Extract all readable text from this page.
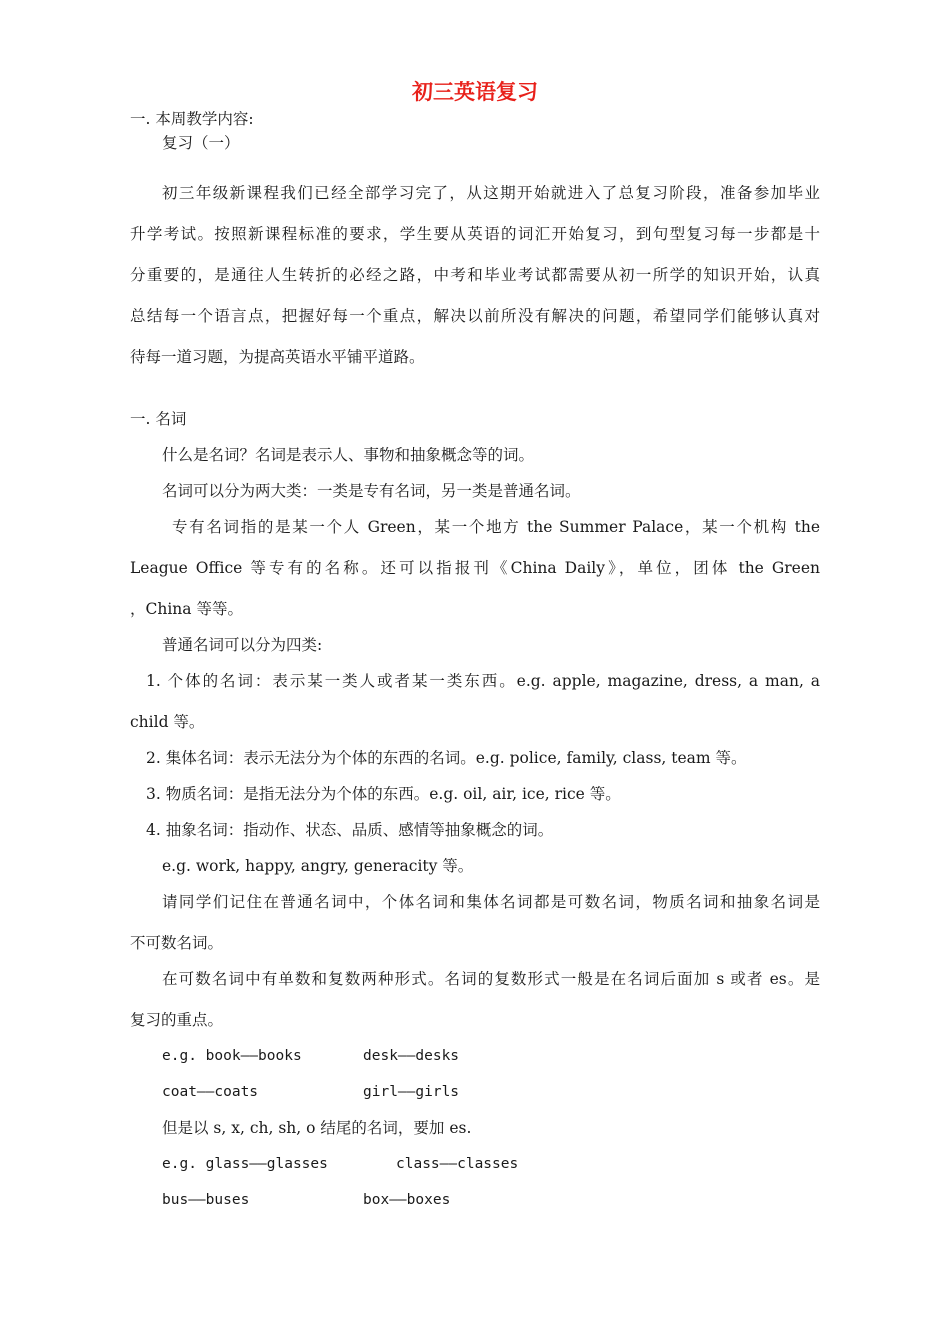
初三英语复习

一. 本周教学内容:

复习（一）

初三年级新课程我们已经全部学习完了，从这期开始就进入了总复习阶段，准备参加毕业

升学考试。按照新课程标准的要求，学生要从英语的词汇开始复习，到句型复习每一步都是十

分重要的，是通往人生转折的必经之路，中考和毕业考试都需要从初一所学的知识开始，认真

总结每一个语言点，把握好每一个重点，解决以前所没有解决的问题，希望同学们能够认真对

待每一道习题，为提高英语水平铺平道路。

一. 名词

什么是名词？名词是表示人、事物和抽象概念等的词。

名词可以分为两大类：一类是专有名词，另一类是普通名词。

专有名词指的是某一个人 Green，某一个地方 the Summer Palace，某一个机构 the

League Office 等专有的名称。还可以指报刊《China Daily》，单位，团体 the Green

，China 等等。

普通名词可以分为四类:

1. 个体的名词：表示某一类人或者某一类东西。e.g. apple, magazine, dress, a man, a

child 等。

2. 集体名词：表示无法分为个体的东西的名词。e.g. police, family, class, team 等。

3. 物质名词：是指无法分为个体的东西。e.g. oil, air, ice, rice 等。

4. 抽象名词：指动作、状态、品质、感情等抽象概念的词。

e.g. work, happy, angry, generacity 等。

请同学们记住在普通名词中，个体名词和集体名词都是可数名词，物质名词和抽象名词是

不可数名词。

在可数名词中有单数和复数两种形式。名词的复数形式一般是在名词后面加 s 或者 es。是

复习的重点。

e.g. book——books	desk——desks

coat——coats	girl——girls

但是以 s, x, ch, sh, o 结尾的名词，要加 es.

e.g. glass——glasses	class——classes

bus——buses	box——boxes
